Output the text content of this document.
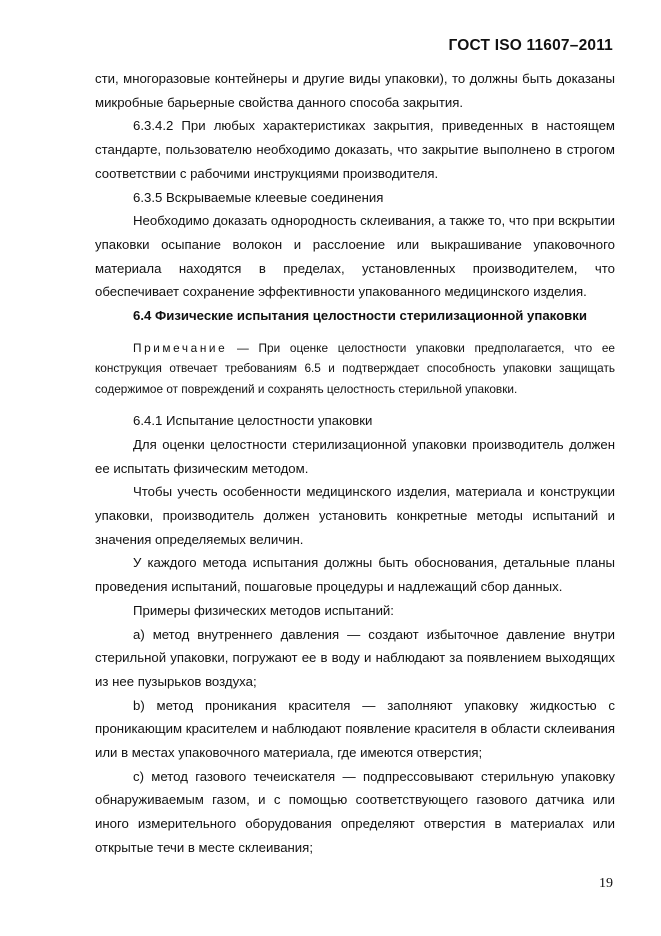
ГОСТ ISO 11607–2011

сти, многоразовые контейнеры и другие виды упаковки), то должны быть доказаны микробные барьерные свойства данного способа закрытия.

6.3.4.2 При любых характеристиках закрытия, приведенных в настоящем стандарте, пользователю необходимо доказать, что закрытие выполнено в строгом соответствии с рабочими инструкциями производителя.

6.3.5 Вскрываемые клеевые соединения

Необходимо доказать однородность склеивания, а также то, что при вскрытии упаковки осыпание волокон и расслоение или выкрашивание упаковочного материала находятся в пределах, установленных производителем, что обеспечивает сохранение эффективности упакованного медицинского изделия.

6.4 Физические испытания целостности стерилизационной упаковки

Примечание — При оценке целостности упаковки предполагается, что ее конструкция отвечает требованиям 6.5 и подтверждает способность упаковки защищать содержимое от повреждений и сохранять целостность стерильной упаковки.

6.4.1 Испытание целостности упаковки

Для оценки целостности стерилизационной упаковки производитель должен ее испытать физическим методом.

Чтобы учесть особенности медицинского изделия, материала и конструкции упаковки, производитель должен установить конкретные методы испытаний и значения определяемых величин.

У каждого метода испытания должны быть обоснования, детальные планы проведения испытаний, пошаговые процедуры и надлежащий сбор данных.

Примеры физических методов испытаний:

а) метод внутреннего давления — создают избыточное давление внутри стерильной упаковки, погружают ее в воду и наблюдают за появлением выходящих из нее пузырьков воздуха;

b) метод проникания красителя — заполняют упаковку жидкостью с проникающим красителем и наблюдают появление красителя в области склеивания или в местах упаковочного материала, где имеются отверстия;

с) метод газового течеискателя — подпрессовывают стерильную упаковку обнаруживаемым газом, и с помощью соответствующего газового датчика или иного измерительного оборудования определяют отверстия в материалах или открытые течи в месте склеивания;

19
